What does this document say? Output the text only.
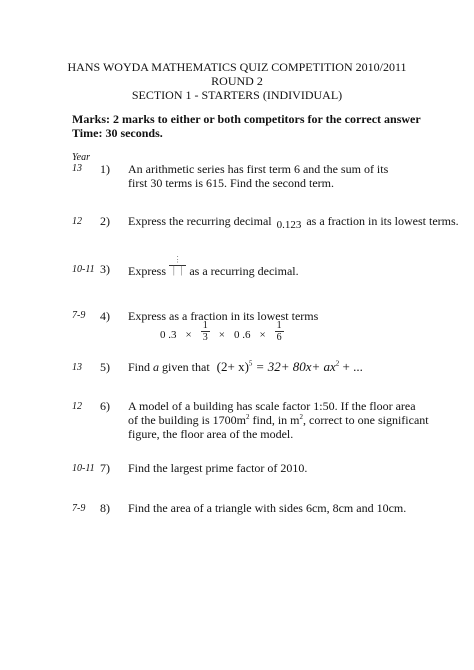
HANS WOYDA MATHEMATICS QUIZ COMPETITION 2010/2011
ROUND 2
SECTION 1 - STARTERS (INDIVIDUAL)
Marks: 2 marks to either or both competitors for the correct answer
Time: 30 seconds.
Year
13 1) An arithmetic series has first term 6 and the sum of its
first 30 terms is 615. Find the second term.
12 2) Express the recurring decimal 0.123 as a fraction in its lowest terms.
10-11 3) Express $\frac{⋮}{│ │}$ as a recurring decimal.
7-9 4) Express as a fraction in its lowest terms
0 $.3 \times \frac{1}{3} \times 0$ $.6 \times \frac{1}{6}$
13 5) Find a given that $(2+ x)^5 = 32+ 80x+ ax^2$ + ...
12 6) A model of a building has scale factor 1:50. If the floor area
of the building is $1700m^2$ find, in $m^2$, correct to one significant
figure, the floor area of the model.
10-11 7) Find the largest prime factor of 2010.
7-9 8) Find the area of a triangle with sides 6cm, 8cm and 10cm.
